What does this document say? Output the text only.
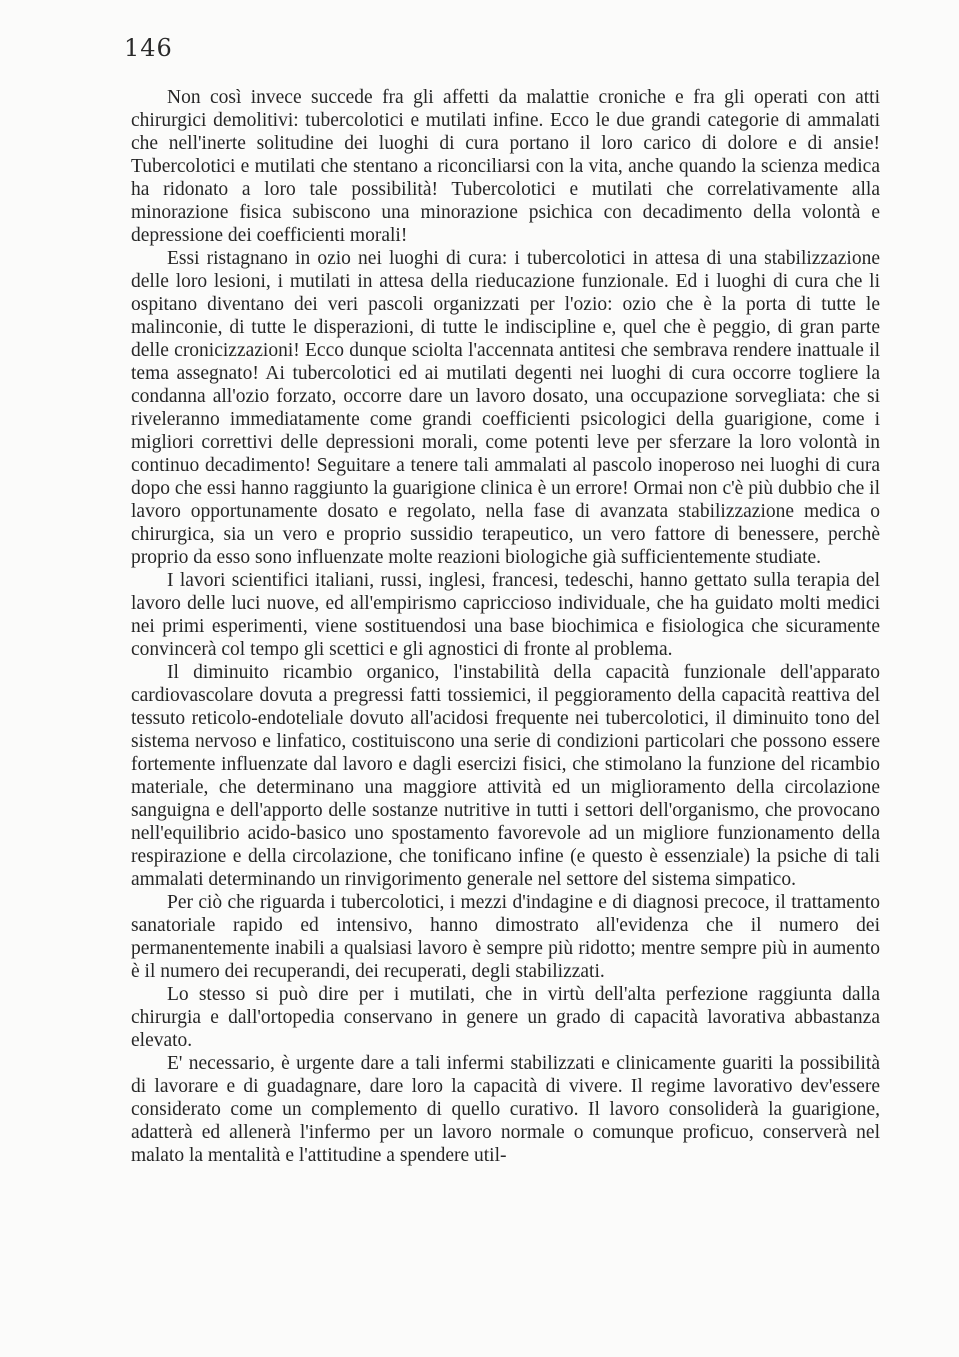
146

Non così invece succede fra gli affetti da malattie croniche e fra gli operati con atti chirurgici demolitivi: tubercolotici e mutilati infine. Ecco le due grandi categorie di ammalati che nell'inerte solitudine dei luoghi di cura portano il loro carico di dolore e di ansie! Tubercolotici e mutilati che stentano a riconciliarsi con la vita, anche quando la scienza medica ha ridonato a loro tale possibilità! Tubercolotici e mutilati che correlativamente alla minorazione fisica subiscono una minorazione psichica con decadimento della volontà e depressione dei coefficienti morali!

Essi ristagnano in ozio nei luoghi di cura: i tubercolotici in attesa di una stabilizzazione delle loro lesioni, i mutilati in attesa della rieducazione funzionale. Ed i luoghi di cura che li ospitano diventano dei veri pascoli organizzati per l'ozio: ozio che è la porta di tutte le malinconie, di tutte le disperazioni, di tutte le indiscipline e, quel che è peggio, di gran parte delle cronicizzazioni! Ecco dunque sciolta l'accennata antitesi che sembrava rendere inattuale il tema assegnato! Ai tubercolotici ed ai mutilati degenti nei luoghi di cura occorre togliere la condanna all'ozio forzato, occorre dare un lavoro dosato, una occupazione sorvegliata: che si riveleranno immediatamente come grandi coefficienti psicologici della guarigione, come i migliori correttivi delle depressioni morali, come potenti leve per sferzare la loro volontà in continuo decadimento! Seguitare a tenere tali ammalati al pascolo inoperoso nei luoghi di cura dopo che essi hanno raggiunto la guarigione clinica è un errore! Ormai non c'è più dubbio che il lavoro opportunamente dosato e regolato, nella fase di avanzata stabilizzazione medica o chirurgica, sia un vero e proprio sussidio terapeutico, un vero fattore di benessere, perchè proprio da esso sono influenzate molte reazioni biologiche già sufficientemente studiate.

I lavori scientifici italiani, russi, inglesi, francesi, tedeschi, hanno gettato sulla terapia del lavoro delle luci nuove, ed all'empirismo capriccioso individuale, che ha guidato molti medici nei primi esperimenti, viene sostituendosi una base biochimica e fisiologica che sicuramente convincerà col tempo gli scettici e gli agnostici di fronte al problema.

Il diminuito ricambio organico, l'instabilità della capacità funzionale dell'apparato cardiovascolare dovuta a pregressi fatti tossiemici, il peggioramento della capacità reattiva del tessuto reticolo-endoteliale dovuto all'acidosi frequente nei tubercolotici, il diminuito tono del sistema nervoso e linfatico, costituiscono una serie di condizioni particolari che possono essere fortemente influenzate dal lavoro e dagli esercizi fisici, che stimolano la funzione del ricambio materiale, che determinano una maggiore attività ed un miglioramento della circolazione sanguigna e dell'apporto delle sostanze nutritive in tutti i settori dell'organismo, che provocano nell'equilibrio acido-basico uno spostamento favorevole ad un migliore funzionamento della respirazione e della circolazione, che tonificano infine (e questo è essenziale) la psiche di tali ammalati determinando un rinvigorimento generale nel settore del sistema simpatico.

Per ciò che riguarda i tubercolotici, i mezzi d'indagine e di diagnosi precoce, il trattamento sanatoriale rapido ed intensivo, hanno dimostrato all'evidenza che il numero dei permanentemente inabili a qualsiasi lavoro è sempre più ridotto; mentre sempre più in aumento è il numero dei recuperandi, dei recuperati, degli stabilizzati.

Lo stesso si può dire per i mutilati, che in virtù dell'alta perfezione raggiunta dalla chirurgia e dall'ortopedia conservano in genere un grado di capacità lavorativa abbastanza elevato.

E' necessario, è urgente dare a tali infermi stabilizzati e clinicamente guariti la possibilità di lavorare e di guadagnare, dare loro la capacità di vivere. Il regime lavorativo dev'essere considerato come un complemento di quello curativo. Il lavoro consoliderà la guarigione, adatterà ed allenerà l'infermo per un lavoro normale o comunque proficuo, conserverà nel malato la mentalità e l'attitudine a spendere util-
